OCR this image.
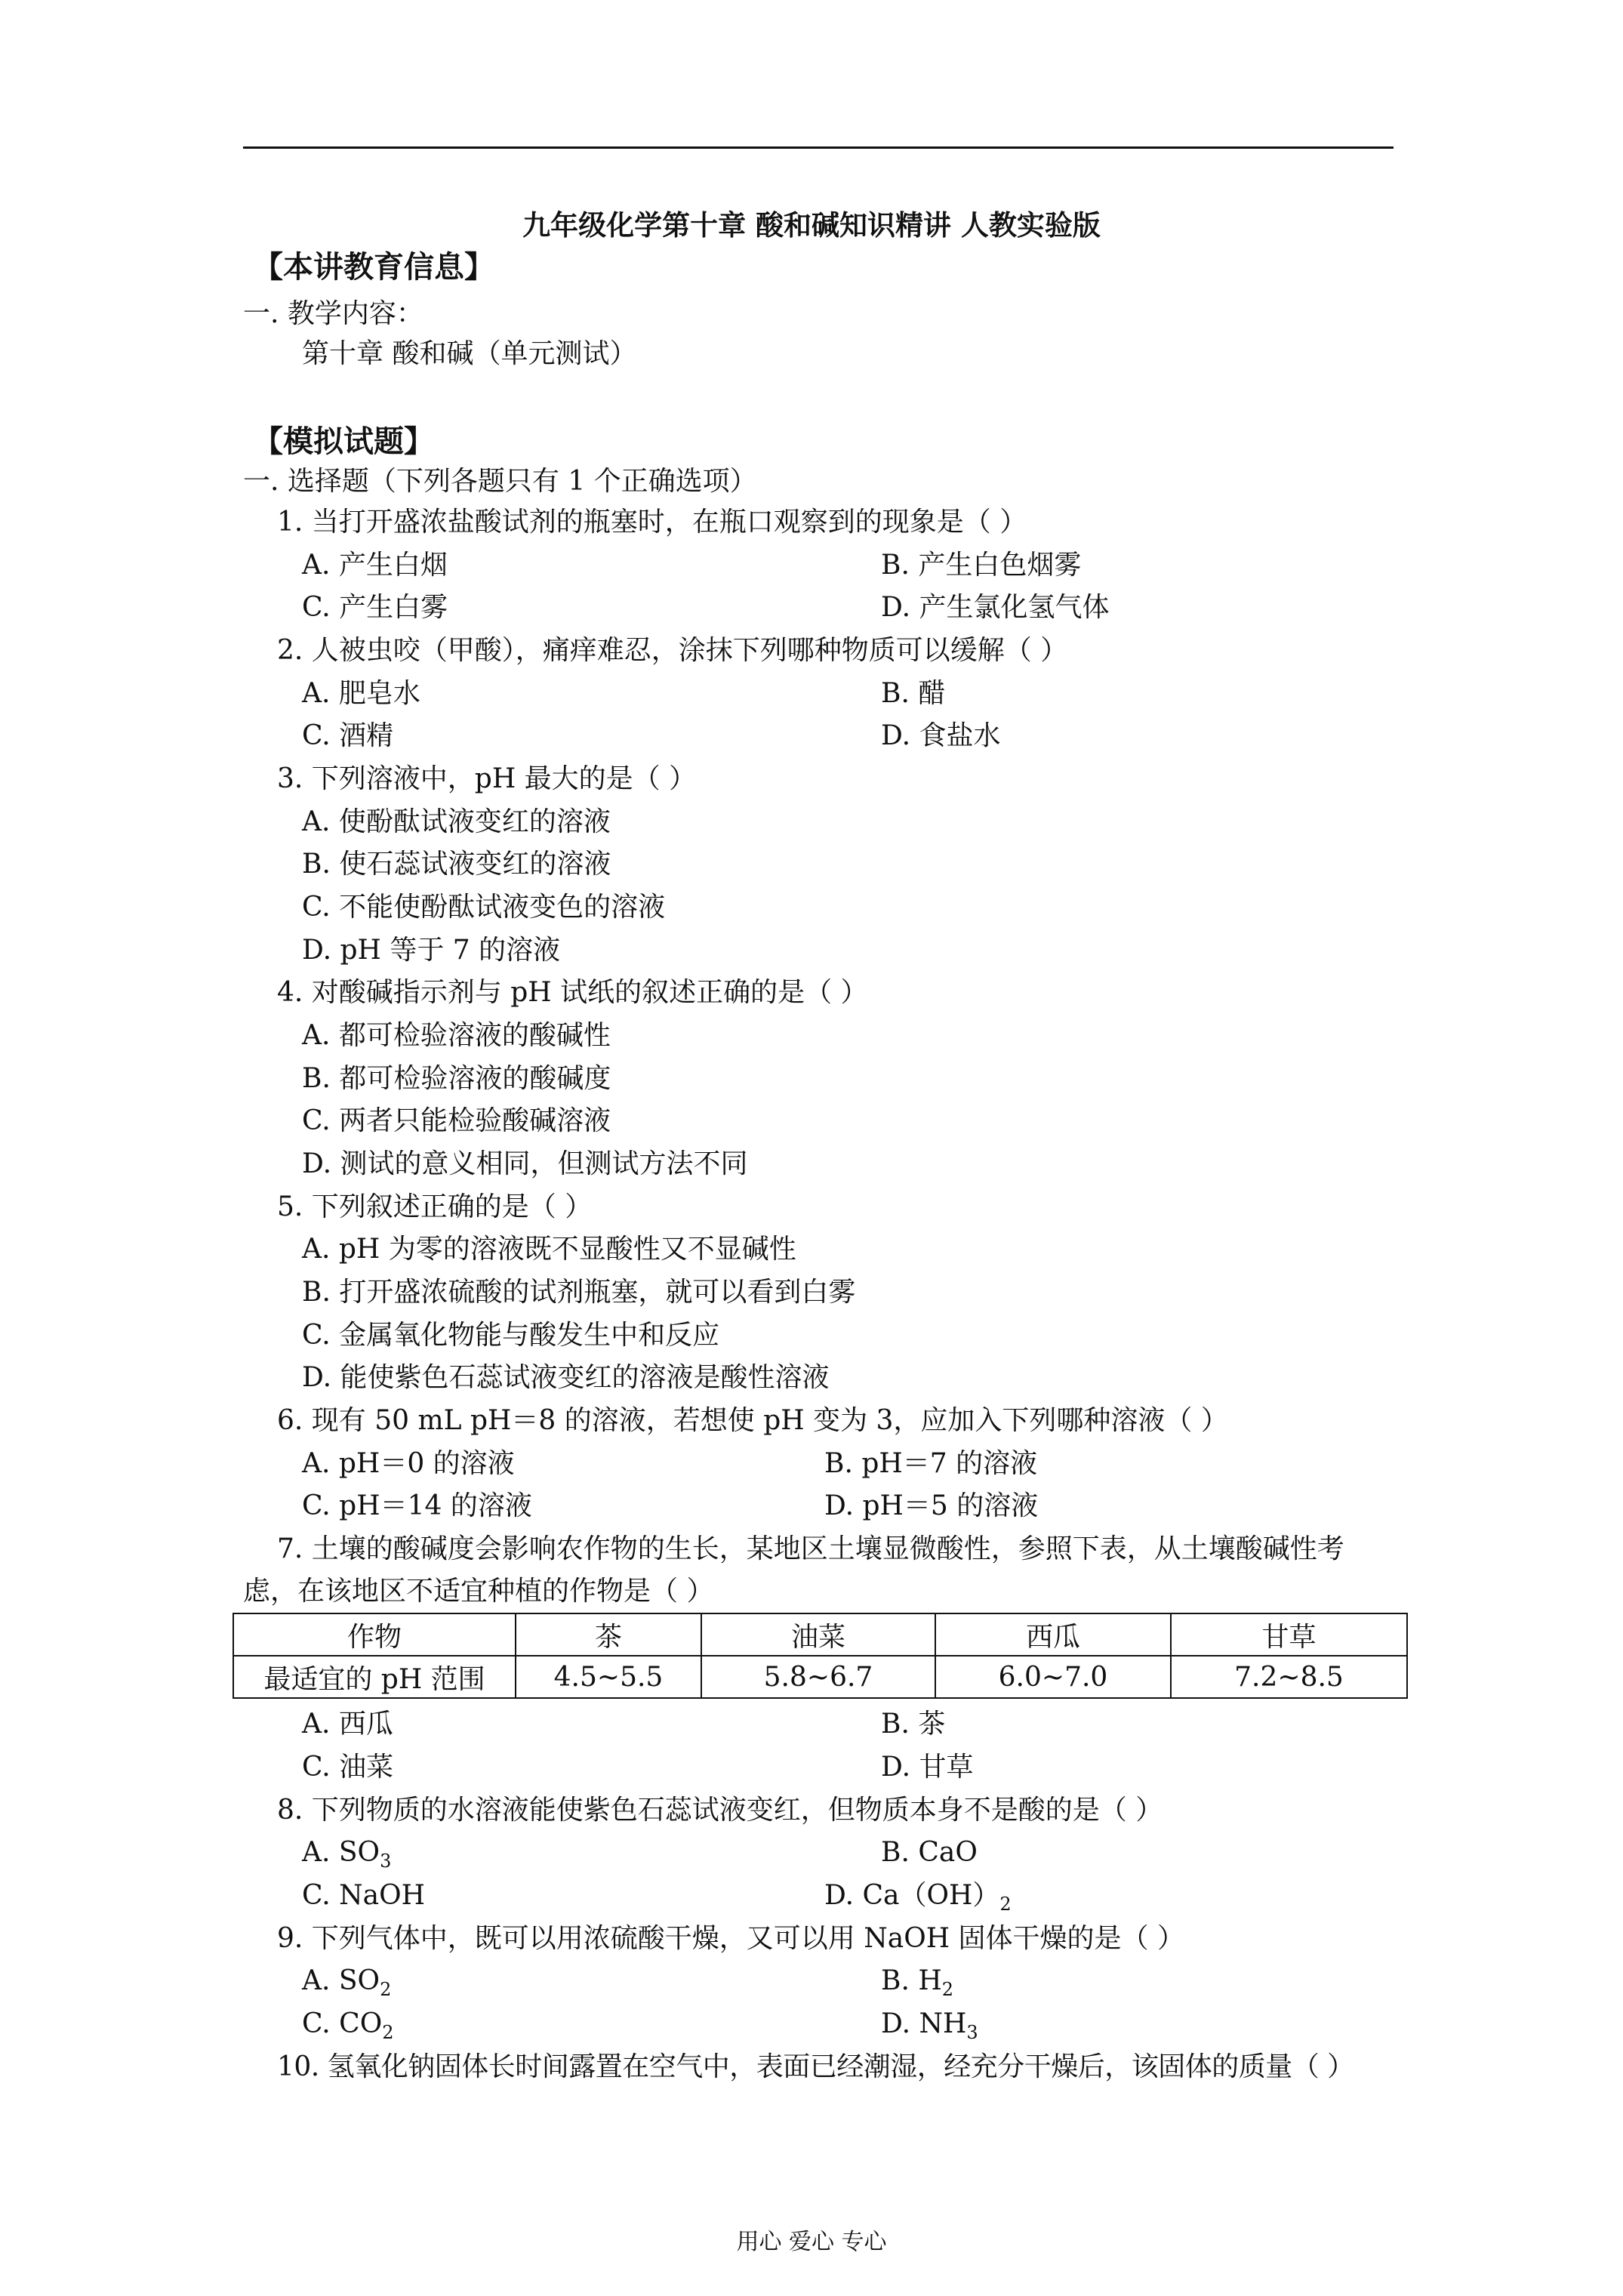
九年级化学第十章 酸和碱知识精讲 人教实验版
【本讲教育信息】
一. 教学内容：
第十章 酸和碱（单元测试）
【模拟试题】
一. 选择题（下列各题只有 1 个正确选项）
1. 当打开盛浓盐酸试剂的瓶塞时，在瓶口观察到的现象是（ ）
A. 产生白烟	B. 产生白色烟雾
C. 产生白雾	D. 产生氯化氢气体
2. 人被虫咬（甲酸），痛痒难忍，涂抹下列哪种物质可以缓解（ ）
A. 肥皂水	B. 醋
C. 酒精	D. 食盐水
3. 下列溶液中，pH 最大的是（ ）
A. 使酚酞试液变红的溶液
B. 使石蕊试液变红的溶液
C. 不能使酚酞试液变色的溶液
D. pH 等于 7 的溶液
4. 对酸碱指示剂与 pH 试纸的叙述正确的是（ ）
A. 都可检验溶液的酸碱性
B. 都可检验溶液的酸碱度
C. 两者只能检验酸碱溶液
D. 测试的意义相同，但测试方法不同
5. 下列叙述正确的是（ ）
A. pH 为零的溶液既不显酸性又不显碱性
B. 打开盛浓硫酸的试剂瓶塞，就可以看到白雾
C. 金属氧化物能与酸发生中和反应
D. 能使紫色石蕊试液变红的溶液是酸性溶液
6. 现有 50 mL pH＝8 的溶液，若想使 pH 变为 3，应加入下列哪种溶液（ ）
A. pH＝0 的溶液	B. pH＝7 的溶液
C. pH＝14 的溶液	D. pH＝5 的溶液
7. 土壤的酸碱度会影响农作物的生长，某地区土壤显微酸性，参照下表，从土壤酸碱性考
虑，在该地区不适宜种植的作物是（ ）
作物	茶	油菜	西瓜	甘草
最适宜的 pH 范围	4.5~5.5	5.8~6.7	6.0~7.0	7.2~8.5
A. 西瓜	B. 茶
C. 油菜	D. 甘草
8. 下列物质的水溶液能使紫色石蕊试液变红，但物质本身不是酸的是（ ）
A. $SO_3$	B. CaO
C. NaOH	D. $Ca(OH)_2$
9. 下列气体中，既可以用浓硫酸干燥，又可以用 NaOH 固体干燥的是（ ）
A. $SO_2$	B. $H_2$
C. $CO_2$	D. $NH_3$
10. 氢氧化钠固体长时间露置在空气中，表面已经潮湿，经充分干燥后，该固体的质量（ ）
用心 爱心 专心
